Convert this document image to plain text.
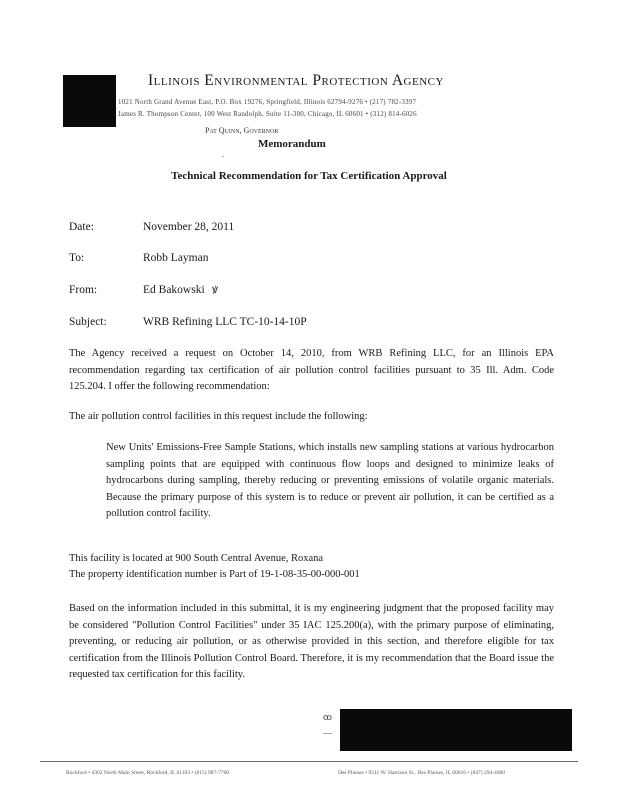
Illinois Environmental Protection Agency
1021 North Grand Avenue East, P.O. Box 19276, Springfield, Illinois 62794-9276 • (217) 782-3397
James R. Thompson Center, 100 West Randolph, Suite 11-300, Chicago, IL 60601 • (312) 814-6026
Pat Quinn, Governor
Memorandum
-
Technical Recommendation for Tax Certification Approval
Date:	November 28, 2011
To:	Robb Layman
From:	Ed Bakowski ꝟ
Subject:	WRB Refining LLC TC-10-14-10P
The Agency received a request on October 14, 2010, from WRB Refining LLC, for an Illinois EPA recommendation regarding tax certification of air pollution control facilities pursuant to 35 Ill. Adm. Code 125.204. I offer the following recommendation:
The air pollution control facilities in this request include the following:
New Units' Emissions-Free Sample Stations, which installs new sampling stations at various hydrocarbon sampling points that are equipped with continuous flow loops and designed to minimize leaks of hydrocarbons during sampling, thereby reducing or preventing emissions of volatile organic materials. Because the primary purpose of this system is to reduce or prevent air pollution, it can be certified as a pollution control facility.
This facility is located at 900 South Central Avenue, Roxana
The property identification number is Part of 19-1-08-35-00-000-001
Based on the information included in this submittal, it is my engineering judgment that the proposed facility may be considered "Pollution Control Facilities" under 35 IAC 125.200(a), with the primary purpose of eliminating, preventing, or reducing air pollution, or as otherwise provided in this section, and therefore eligible for tax certification from the Illinois Pollution Control Board. Therefore, it is my recommendation that the Board issue the requested tax certification for this facility.
ꝏ
—
Rockford • 4302 North Main Street, Rockford, IL 61103 • (815) 987-7760	Des Plaines • 9511 W. Harrison St., Des Plaines, IL 60016 • (847) 294-4000
